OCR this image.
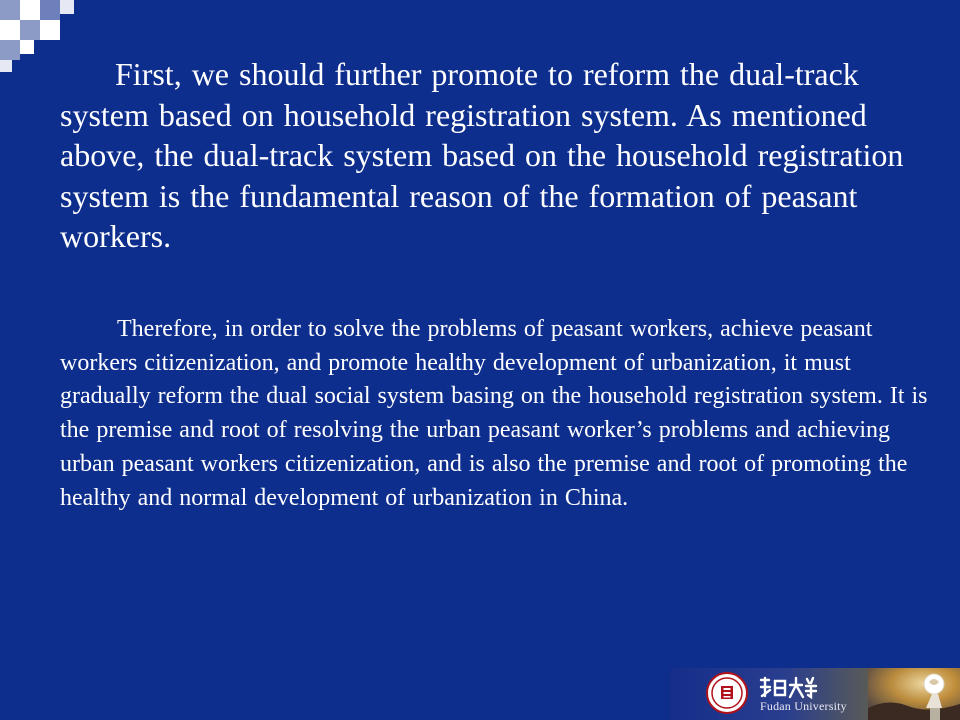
First, we should further promote to reform the dual-track system based on household registration system. As mentioned above, the dual-track system based on the household registration system is the fundamental reason of the formation of peasant workers.

Therefore, in order to solve the problems of peasant workers, achieve peasant workers citizenization, and promote healthy development of urbanization, it must gradually reform the dual social system basing on the household registration system. It is the premise and root of resolving the urban peasant worker’s problems and achieving urban peasant workers citizenization, and is also the premise and root of promoting the healthy and normal development of urbanization in China.

Fudan University
